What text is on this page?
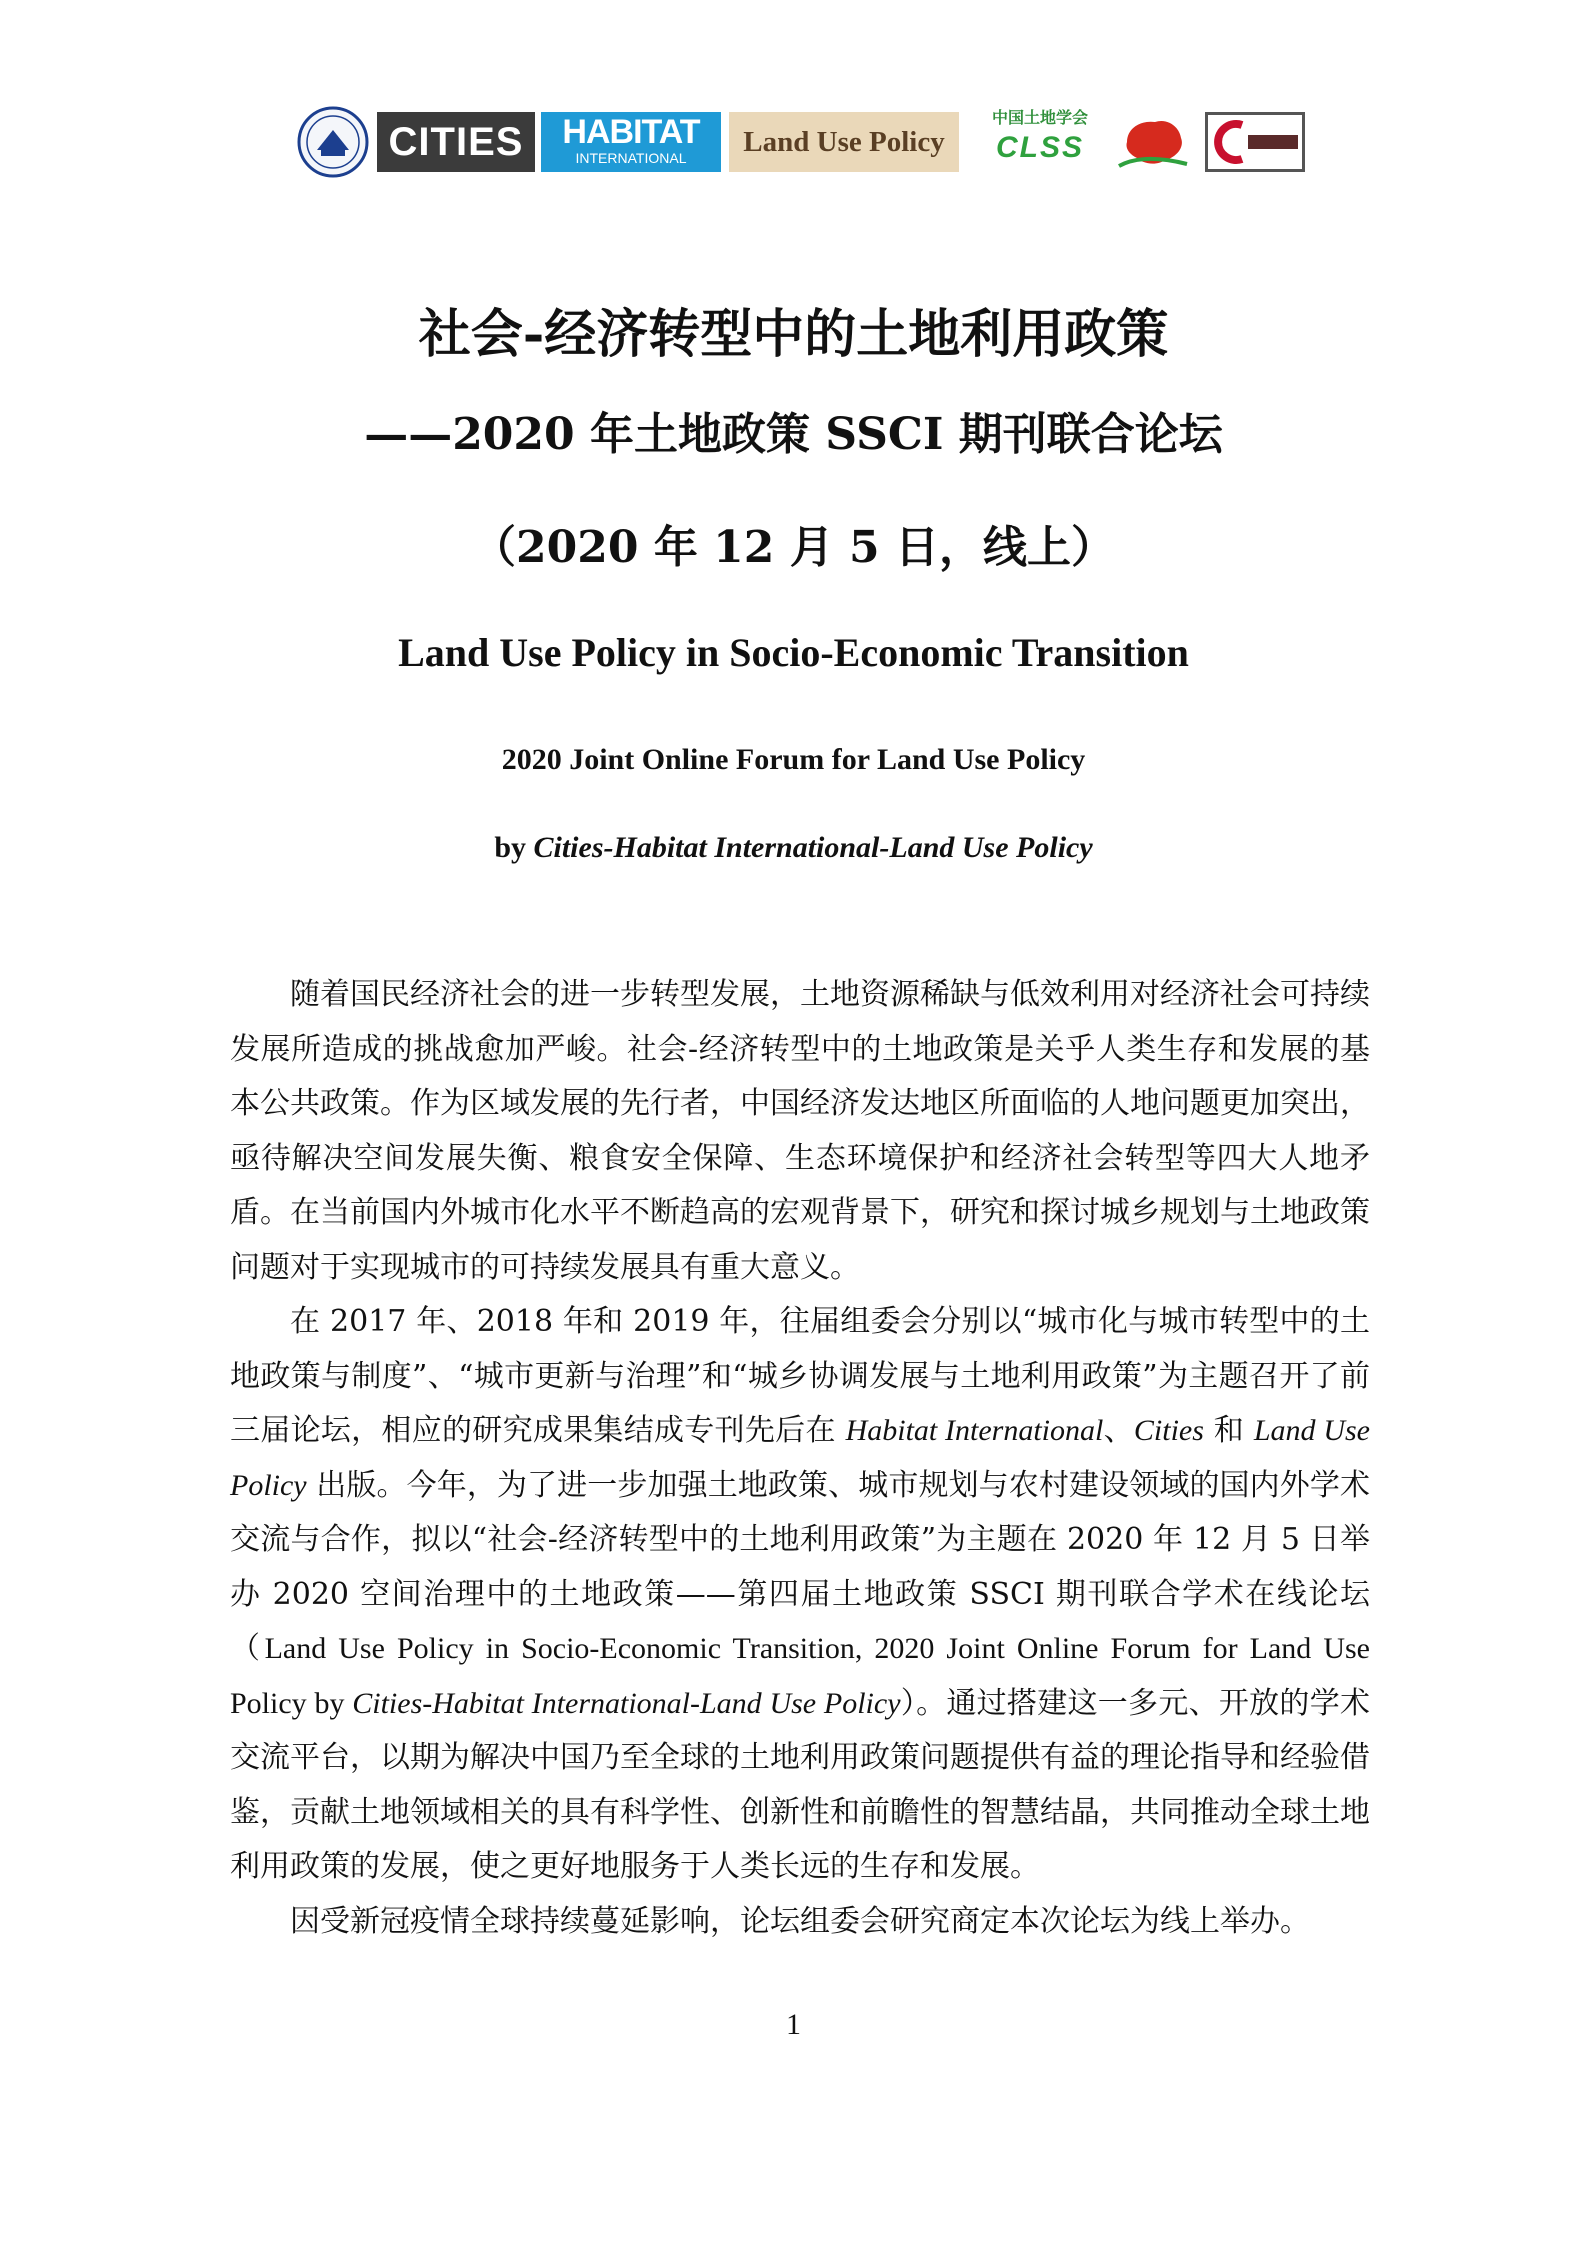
CITIES	HABITAT
INTERNATIONAL	Land Use Policy
中国土地学会
CLSS
社会-经济转型中的土地利用政策
——2020 年土地政策 SSCI 期刊联合论坛
（2020 年 12 月 5 日，线上）
Land Use Policy in Socio-Economic Transition
2020 Joint Online Forum for Land Use Policy
by Cities-Habitat International-Land Use Policy

随着国民经济社会的进一步转型发展，土地资源稀缺与低效利用对经济社会可持续发展所造成的挑战愈加严峻。社会-经济转型中的土地政策是关乎人类生存和发展的基本公共政策。作为区域发展的先行者，中国经济发达地区所面临的人地问题更加突出，亟待解决空间发展失衡、粮食安全保障、生态环境保护和经济社会转型等四大人地矛盾。在当前国内外城市化水平不断趋高的宏观背景下，研究和探讨城乡规划与土地政策问题对于实现城市的可持续发展具有重大意义。

在 2017 年、2018 年和 2019 年，往届组委会分别以“城市化与城市转型中的土地政策与制度”、“城市更新与治理”和“城乡协调发展与土地利用政策”为主题召开了前三届论坛，相应的研究成果集结成专刊先后在 Habitat International、Cities 和 Land Use Policy 出版。今年，为了进一步加强土地政策、城市规划与农村建设领域的国内外学术交流与合作，拟以“社会-经济转型中的土地利用政策”为主题在 2020 年 12 月 5 日举办 2020 空间治理中的土地政策——第四届土地政策 SSCI 期刊联合学术在线论坛（Land Use Policy in Socio-Economic Transition, 2020 Joint Online Forum for Land Use Policy by Cities-Habitat International-Land Use Policy）。通过搭建这一多元、开放的学术交流平台，以期为解决中国乃至全球的土地利用政策问题提供有益的理论指导和经验借鉴，贡献土地领域相关的具有科学性、创新性和前瞻性的智慧结晶，共同推动全球土地利用政策的发展，使之更好地服务于人类长远的生存和发展。

因受新冠疫情全球持续蔓延影响，论坛组委会研究商定本次论坛为线上举办。

1
